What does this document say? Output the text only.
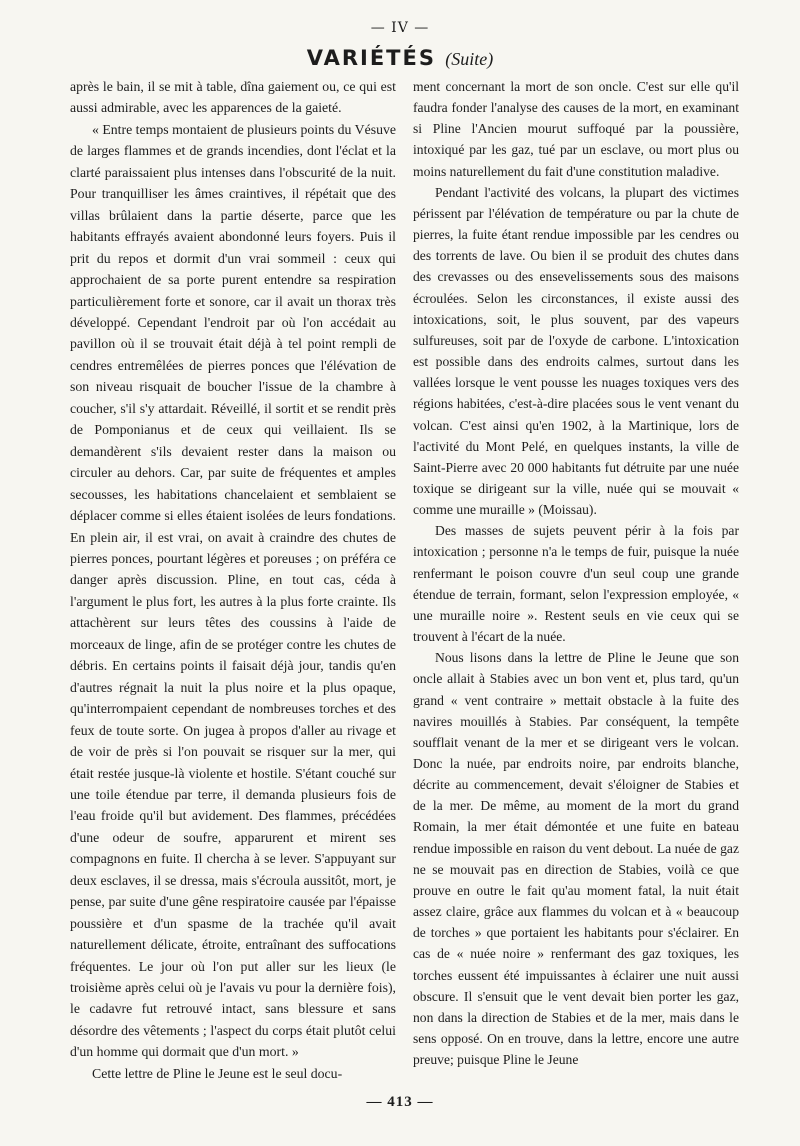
— IV —
VARIÉTÉS (Suite)

après le bain, il se mit à table, dîna gaiement ou, ce qui est aussi admirable, avec les apparences de la gaieté.

« Entre temps montaient de plusieurs points du Vésuve de larges flammes et de grands incendies, dont l'éclat et la clarté paraissaient plus intenses dans l'obscurité de la nuit. Pour tranquilliser les âmes craintives, il répétait que des villas brûlaient dans la partie déserte, parce que les habitants effrayés avaient abondonné leurs foyers. Puis il prit du repos et dormit d'un vrai sommeil : ceux qui approchaient de sa porte purent entendre sa respiration particulièrement forte et sonore, car il avait un thorax très développé. Cependant l'endroit par où l'on accédait au pavillon où il se trouvait était déjà à tel point rempli de cendres entremêlées de pierres ponces que l'élévation de son niveau risquait de boucher l'issue de la chambre à coucher, s'il s'y attardait. Réveillé, il sortit et se rendit près de Pomponianus et de ceux qui veillaient. Ils se demandèrent s'ils devaient rester dans la maison ou circuler au dehors. Car, par suite de fréquentes et amples secousses, les habitations chancelaient et semblaient se déplacer comme si elles étaient isolées de leurs fondations. En plein air, il est vrai, on avait à craindre des chutes de pierres ponces, pourtant légères et poreuses ; on préféra ce danger après discussion. Pline, en tout cas, céda à l'argument le plus fort, les autres à la plus forte crainte. Ils attachèrent sur leurs têtes des coussins à l'aide de morceaux de linge, afin de se protéger contre les chutes de débris. En certains points il faisait déjà jour, tandis qu'en d'autres régnait la nuit la plus noire et la plus opaque, qu'interrompaient cependant de nombreuses torches et des feux de toute sorte. On jugea à propos d'aller au rivage et de voir de près si l'on pouvait se risquer sur la mer, qui était restée jusque-là violente et hostile. S'étant couché sur une toile étendue par terre, il demanda plusieurs fois de l'eau froide qu'il but avidement. Des flammes, précédées d'une odeur de soufre, apparurent et mirent ses compagnons en fuite. Il chercha à se lever. S'appuyant sur deux esclaves, il se dressa, mais s'écroula aussitôt, mort, je pense, par suite d'une gêne respiratoire causée par l'épaisse poussière et d'un spasme de la trachée qu'il avait naturellement délicate, étroite, entraînant des suffocations fréquentes. Le jour où l'on put aller sur les lieux (le troisième après celui où je l'avais vu pour la dernière fois), le cadavre fut retrouvé intact, sans blessure et sans désordre des vêtements ; l'aspect du corps était plutôt celui d'un homme qui dormait que d'un mort. »

Cette lettre de Pline le Jeune est le seul docu-

ment concernant la mort de son oncle. C'est sur elle qu'il faudra fonder l'analyse des causes de la mort, en examinant si Pline l'Ancien mourut suffoqué par la poussière, intoxiqué par les gaz, tué par un esclave, ou mort plus ou moins naturellement du fait d'une constitution maladive.

Pendant l'activité des volcans, la plupart des victimes périssent par l'élévation de température ou par la chute de pierres, la fuite étant rendue impossible par les cendres ou des torrents de lave. Ou bien il se produit des chutes dans des crevasses ou des ensevelissements sous des maisons écroulées. Selon les circonstances, il existe aussi des intoxications, soit, le plus souvent, par des vapeurs sulfureuses, soit par de l'oxyde de carbone. L'intoxication est possible dans des endroits calmes, surtout dans les vallées lorsque le vent pousse les nuages toxiques vers des régions habitées, c'est-à-dire placées sous le vent venant du volcan. C'est ainsi qu'en 1902, à la Martinique, lors de l'activité du Mont Pelé, en quelques instants, la ville de Saint-Pierre avec 20 000 habitants fut détruite par une nuée toxique se dirigeant sur la ville, nuée qui se mouvait « comme une muraille » (Moissau).

Des masses de sujets peuvent périr à la fois par intoxication ; personne n'a le temps de fuir, puisque la nuée renfermant le poison couvre d'un seul coup une grande étendue de terrain, formant, selon l'expression employée, « une muraille noire ». Restent seuls en vie ceux qui se trouvent à l'écart de la nuée.

Nous lisons dans la lettre de Pline le Jeune que son oncle allait à Stabies avec un bon vent et, plus tard, qu'un grand « vent contraire » mettait obstacle à la fuite des navires mouillés à Stabies. Par conséquent, la tempête soufflait venant de la mer et se dirigeant vers le volcan. Donc la nuée, par endroits noire, par endroits blanche, décrite au commencement, devait s'éloigner de Stabies et de la mer. De même, au moment de la mort du grand Romain, la mer était démontée et une fuite en bateau rendue impossible en raison du vent debout. La nuée de gaz ne se mouvait pas en direction de Stabies, voilà ce que prouve en outre le fait qu'au moment fatal, la nuit était assez claire, grâce aux flammes du volcan et à « beaucoup de torches » que portaient les habitants pour s'éclairer. En cas de « nuée noire » renfermant des gaz toxiques, les torches eussent été impuissantes à éclairer une nuit aussi obscure. Il s'ensuit que le vent devait bien porter les gaz, non dans la direction de Stabies et de la mer, mais dans le sens opposé. On en trouve, dans la lettre, encore une autre preuve; puisque Pline le Jeune

— 413 —
